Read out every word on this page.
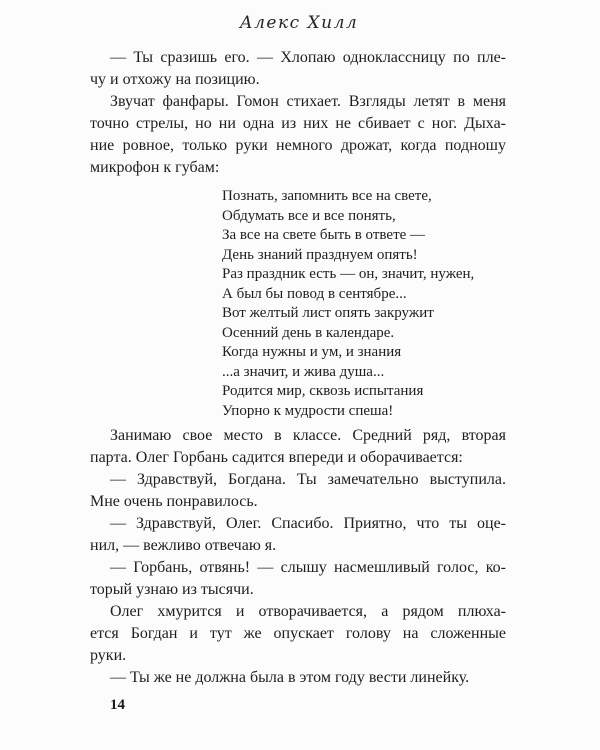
Алекс Хилл
— Ты сразишь его. — Хлопаю одноклассницу по пле-
чу и отхожу на позицию.
Звучат фанфары. Гомон стихает. Взгляды летят в меня
точно стрелы, но ни одна из них не сбивает с ног. Дыха-
ние ровное, только руки немного дрожат, когда подношу
микрофон к губам:
Познать, запомнить все на свете,
Обдумать все и все понять,
За все на свете быть в ответе —
День знаний празднуем опять!
Раз праздник есть — он, значит, нужен,
А был бы повод в сентябре...
Вот желтый лист опять закружит
Осенний день в календаре.
Когда нужны и ум, и знания
...а значит, и жива душа...
Родится мир, сквозь испытания
Упорно к мудрости спеша!
Занимаю свое место в классе. Средний ряд, вторая
парта. Олег Горбань садится впереди и оборачивается:
— Здравствуй, Богдана. Ты замечательно выступила.
Мне очень понравилось.
— Здравствуй, Олег. Спасибо. Приятно, что ты оце-
нил, — вежливо отвечаю я.
— Горбань, отвянь! — слышу насмешливый голос, ко-
торый узнаю из тысячи.
Олег хмурится и отворачивается, а рядом плюха-
ется Богдан и тут же опускает голову на сложенные
руки.
— Ты же не должна была в этом году вести линейку.
14
